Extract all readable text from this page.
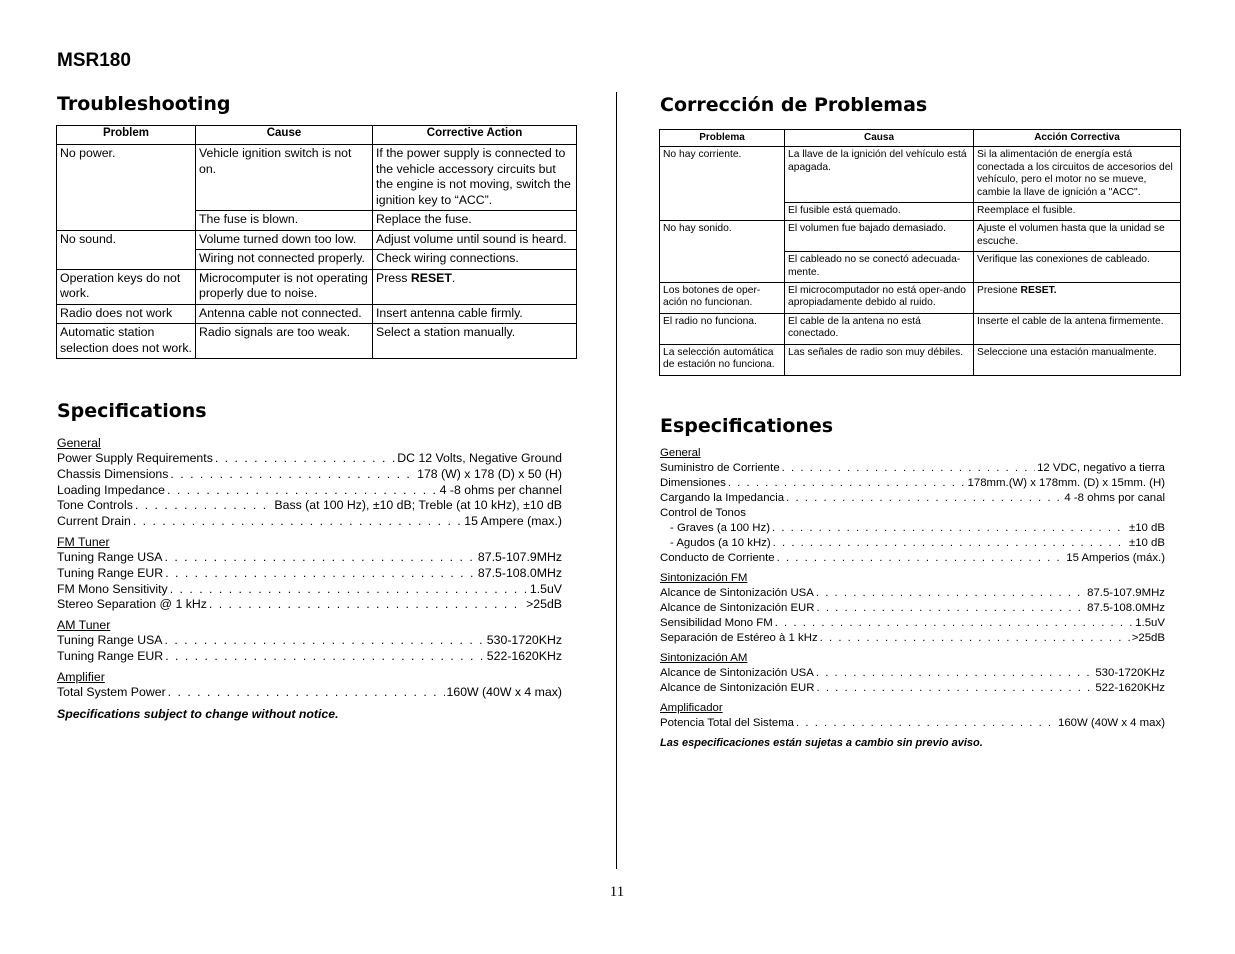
MSR180
Troubleshooting
Problem	Cause	Corrective Action
No power.	Vehicle ignition switch is not on.	If the power supply is connected to the vehicle accessory circuits but the engine is not moving, switch the ignition key to “ACC”.
	The fuse is blown.	Replace the fuse.
No sound.	Volume turned down too low.	Adjust volume until sound is heard.
	Wiring not connected properly.	Check wiring connections.
Operation keys do not work.	Microcomputer is not operating properly due to noise.	Press RESET.
Radio does not work	Antenna cable not connected.	Insert antenna cable firmly.
Automatic station selection does not work.	Radio signals are too weak.	Select a station manually.
Specifications
General
Power Supply Requirements . . .	DC 12 Volts, Negative Ground
Chassis Dimensions . . .	178 (W) x 178 (D) x 50 (H)
Loading Impedance . . .	4 -8 ohms per channel
Tone Controls . . .	Bass (at 100 Hz), ±10 dB; Treble (at 10 kHz), ±10 dB
Current Drain . . .	15 Ampere (max.)
FM Tuner
Tuning Range USA . . .	87.5-107.9MHz
Tuning Range EUR . . .	87.5-108.0MHz
FM Mono Sensitivity . . .	1.5uV
Stereo Separation @ 1 kHz . . .	>25dB
AM Tuner
Tuning Range USA . . .	530-1720KHz
Tuning Range EUR . . .	522-1620KHz
Amplifier
Total System Power . . .	160W (40W x 4 max)
Specifications subject to change without notice.
Corrección de Problemas
Problema	Causa	Acción Correctiva
No hay corriente.	La llave de la ignición del vehículo está apagada.	Si la alimentación de energía está conectada a los circuitos de accesorios del vehículo, pero el motor no se mueve, cambie la llave de ignición a "ACC".
	El fusible está quemado.	Reemplace el fusible.
No hay sonido.	El volumen fue bajado demasiado.	Ajuste el volumen hasta que la unidad se escuche.
	El cableado no se conectó adecuada-mente.	Verifique las conexiones de cableado.
Los botones de oper-ación no funcionan.	El microcomputador no está oper-ando apropiadamente debido al ruido.	Presione RESET.
El radio no funciona.	El cable de la antena no está conectado.	Inserte el cable de la antena firmemente.
La selección automática de estación no funciona.	Las señales de radio son muy débiles.	Seleccione una estación manualmente.
Especificationes
General
Suministro de Corriente . . .	12 VDC, negativo a tierra
Dimensiones . . .	178mm.(W) x 178mm. (D) x 15mm. (H)
Cargando la Impedancia . . .	4 -8 ohms por canal
Control de Tonos
- Graves (a 100 Hz) . . .	±10 dB
- Agudos (a 10 kHz) . . .	±10 dB
Conducto de Corriente . . .	15 Amperios (máx.)
Sintonización FM
Alcance de Sintonización USA . . .	87.5-107.9MHz
Alcance de Sintonización EUR . . .	87.5-108.0MHz
Sensibilidad Mono FM . . .	1.5uV
Separación de Estéreo à 1 kHz . . .	>25dB
Sintonización AM
Alcance de Sintonización USA . . .	530-1720KHz
Alcance de Sintonización EUR . . .	522-1620KHz
Amplificador
Potencia Total del Sistema . . .	160W (40W x 4 max)
Las especificaciones están sujetas a cambio sin previo aviso.
11
